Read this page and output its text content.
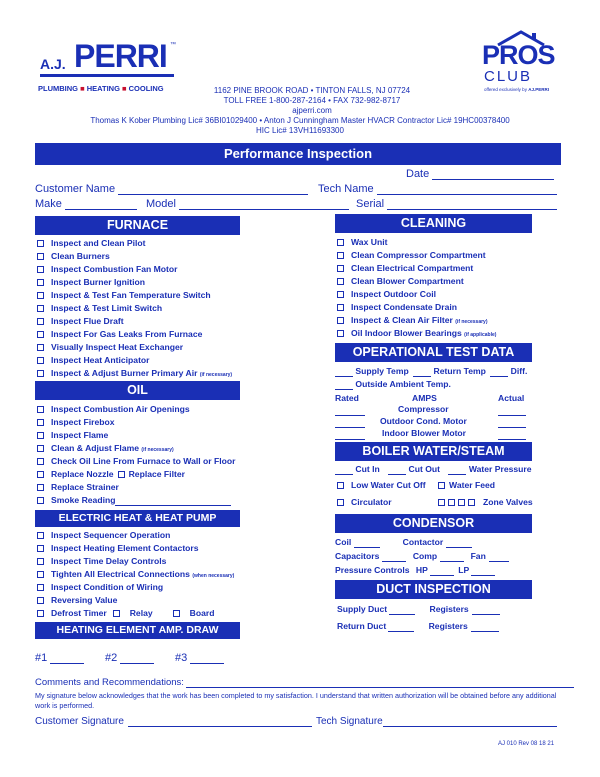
A.J. PERRI ™
PLUMBING ■ HEATING ■ COOLING
PROS
CLUB
offered exclusively by AJ.PERRI
1162 PINE BROOK ROAD • TINTON FALLS, NJ 07724
TOLL FREE 1-800-287-2164 • FAX 732-982-8717
ajperri.com
Thomas K Kober Plumbing Lic# 36BI01029400 • Anton J Cunningham Master HVACR Contractor Lic# 19HC00378400
HIC Lic# 13VH11693300
Performance Inspection
Date
Customer Name	Tech Name
Make	Model	Serial
FURNACE
Inspect and Clean Pilot
Clean Burners
Inspect Combustion Fan Motor
Inspect Burner Ignition
Inspect & Test Fan Temperature Switch
Inspect & Test Limit Switch
Inspect Flue Draft
Inspect For Gas Leaks From Furnace
Visually Inspect Heat Exchanger
Inspect Heat Anticipator
Inspect & Adjust Burner Primary Air (if necessary)
OIL
Inspect Combustion Air Openings
Inspect Firebox
Inspect Flame
Clean & Adjust Flame (if necessary)
Check Oil Line From Furnace to Wall or Floor
Replace Nozzle Replace Filter
Replace Strainer
Smoke Reading
ELECTRIC HEAT & HEAT PUMP
Inspect Sequencer Operation
Inspect Heating Element Contactors
Inspect Time Delay Controls
Tighten All Electrical Connections (when necessary)
Inspect Condition of Wiring
Reversing Value
Defrost Timer	Relay	Board
HEATING ELEMENT AMP. DRAW
#1	#2	#3
CLEANING
Wax Unit
Clean Compressor Compartment
Clean Electrical Compartment
Clean Blower Compartment
Inspect Outdoor Coil
Inspect Condensate Drain
Inspect & Clean Air Filter (if necessary)
Oil Indoor Blower Bearings (if applicable)
OPERATIONAL TEST DATA
Supply Temp	Return Temp	Diff.
Outside Ambient Temp.
Rated	AMPS	Actual
Compressor
Outdoor Cond. Motor
Indoor Blower Motor
BOILER WATER/STEAM
Cut In	Cut Out	Water Pressure
Low Water Cut Off	Water Feed
Circulator	Zone Valves
CONDENSOR
Coil	Contactor
Capacitors	Comp	Fan
Pressure Controls HP	LP
DUCT INSPECTION
Supply Duct	Registers
Return Duct	Registers
Comments and Recommendations:
My signature below acknowledges that the work has been completed to my satisfaction. I understand that written authorization will be obtained before any additional work is performed.
Customer Signature	Tech Signature
AJ 010 Rev 08 18 21
